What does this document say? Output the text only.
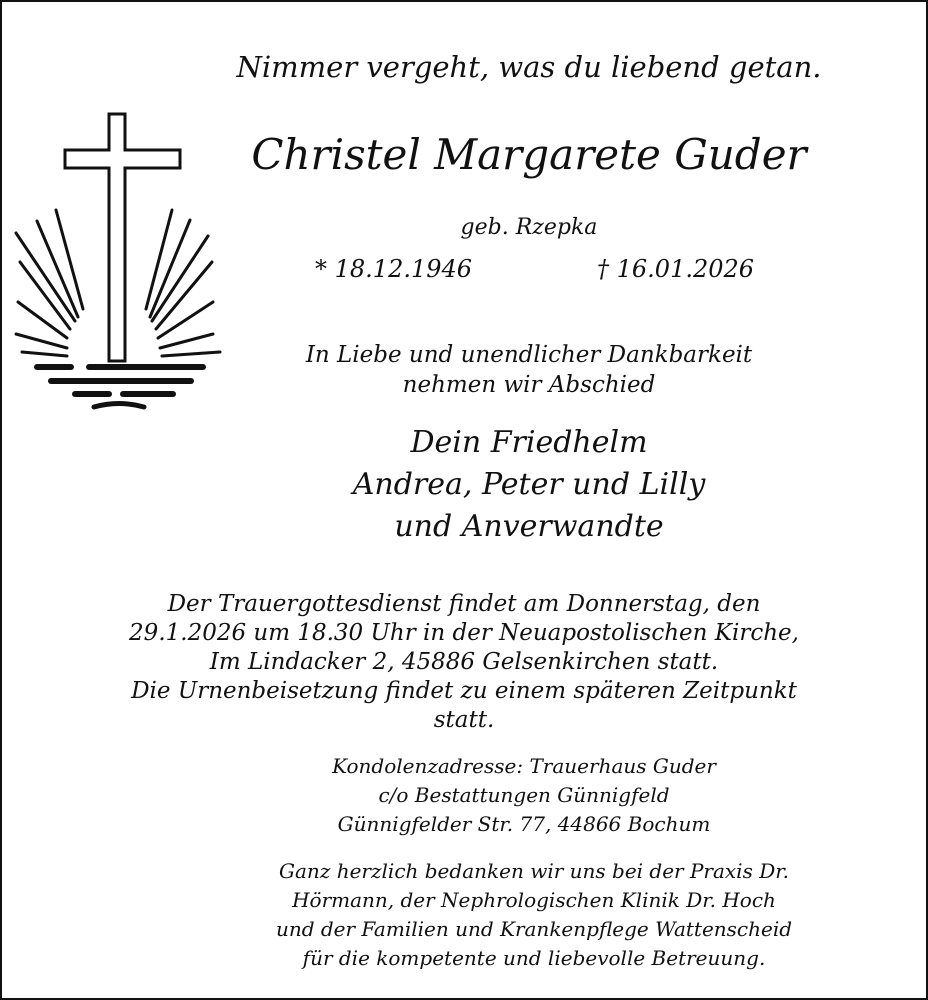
Nimmer vergeht, was du liebend getan.
Christel Margarete Guder
geb. Rzepka
* 18.12.1946	† 16.01.2026
In Liebe und unendlicher Dankbarkeit
nehmen wir Abschied
Dein Friedhelm
Andrea, Peter und Lilly
und Anverwandte
Der Trauergottesdienst findet am Donnerstag, den
29.1.2026 um 18.30 Uhr in der Neuapostolischen Kirche,
Im Lindacker 2, 45886 Gelsenkirchen statt.
Die Urnenbeisetzung findet zu einem späteren Zeitpunkt
statt.
Kondolenzadresse: Trauerhaus Guder
c/o Bestattungen Günnigfeld
Günnigfelder Str. 77, 44866 Bochum
Ganz herzlich bedanken wir uns bei der Praxis Dr.
Hörmann, der Nephrologischen Klinik Dr. Hoch
und der Familien und Krankenpflege Wattenscheid
für die kompetente und liebevolle Betreuung.
